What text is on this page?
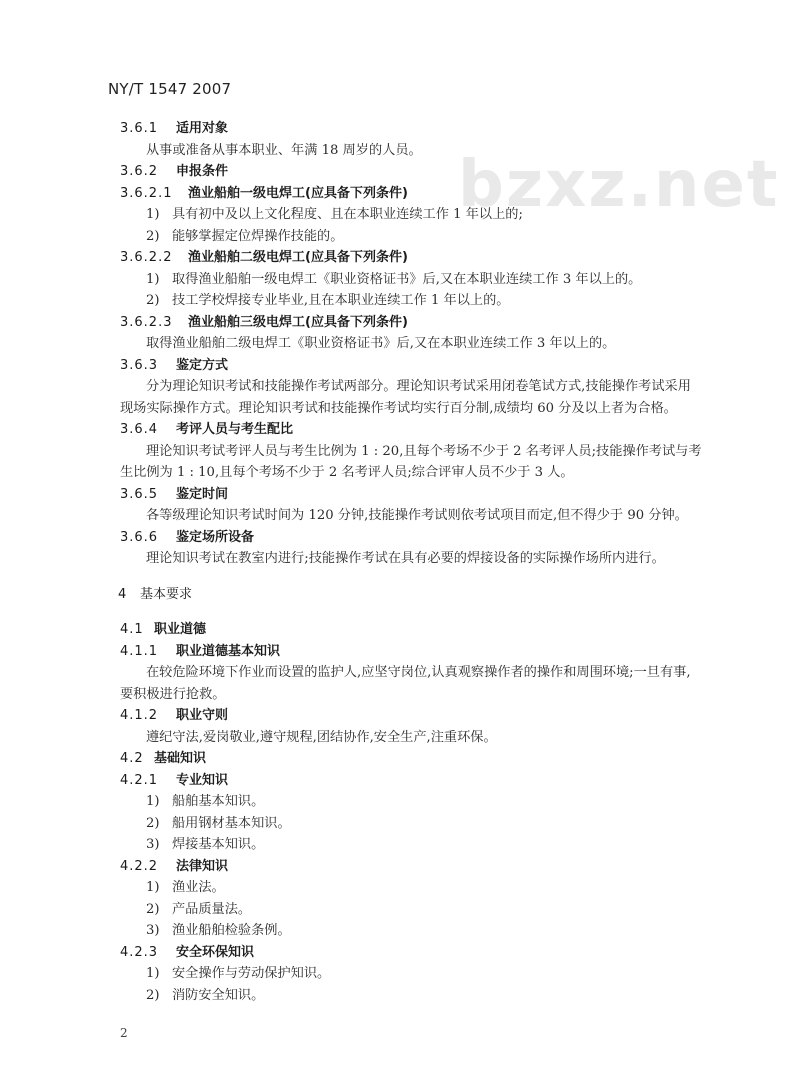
NY/T 1547 2007
bzxz.net
3.6.1 适用对象
从事或准备从事本职业、年满 18 周岁的人员。
3.6.2 申报条件
3.6.2.1 渔业船舶一级电焊工(应具备下列条件)
1) 具有初中及以上文化程度、且在本职业连续工作 1 年以上的;
2) 能够掌握定位焊操作技能的。
3.6.2.2 渔业船舶二级电焊工(应具备下列条件)
1) 取得渔业船舶一级电焊工《职业资格证书》后,又在本职业连续工作 3 年以上的。
2) 技工学校焊接专业毕业,且在本职业连续工作 1 年以上的。
3.6.2.3 渔业船舶三级电焊工(应具备下列条件)
取得渔业船舶二级电焊工《职业资格证书》后,又在本职业连续工作 3 年以上的。
3.6.3 鉴定方式
分为理论知识考试和技能操作考试两部分。理论知识考试采用闭卷笔试方式,技能操作考试采用
现场实际操作方式。理论知识考试和技能操作考试均实行百分制,成绩均 60 分及以上者为合格。
3.6.4 考评人员与考生配比
理论知识考试考评人员与考生比例为 1 : 20,且每个考场不少于 2 名考评人员;技能操作考试与考
生比例为 1 : 10,且每个考场不少于 2 名考评人员;综合评审人员不少于 3 人。
3.6.5 鉴定时间
各等级理论知识考试时间为 120 分钟,技能操作考试则依考试项目而定,但不得少于 90 分钟。
3.6.6 鉴定场所设备
理论知识考试在教室内进行;技能操作考试在具有必要的焊接设备的实际操作场所内进行。
4 基本要求
4.1 职业道德
4.1.1 职业道德基本知识
在较危险环境下作业而设置的监护人,应坚守岗位,认真观察操作者的操作和周围环境;一旦有事,
要积极进行抢救。
4.1.2 职业守则
遵纪守法,爱岗敬业,遵守规程,团结协作,安全生产,注重环保。
4.2 基础知识
4.2.1 专业知识
1) 船舶基本知识。
2) 船用钢材基本知识。
3) 焊接基本知识。
4.2.2 法律知识
1) 渔业法。
2) 产品质量法。
3) 渔业船舶检验条例。
4.2.3 安全环保知识
1) 安全操作与劳动保护知识。
2) 消防安全知识。
2
